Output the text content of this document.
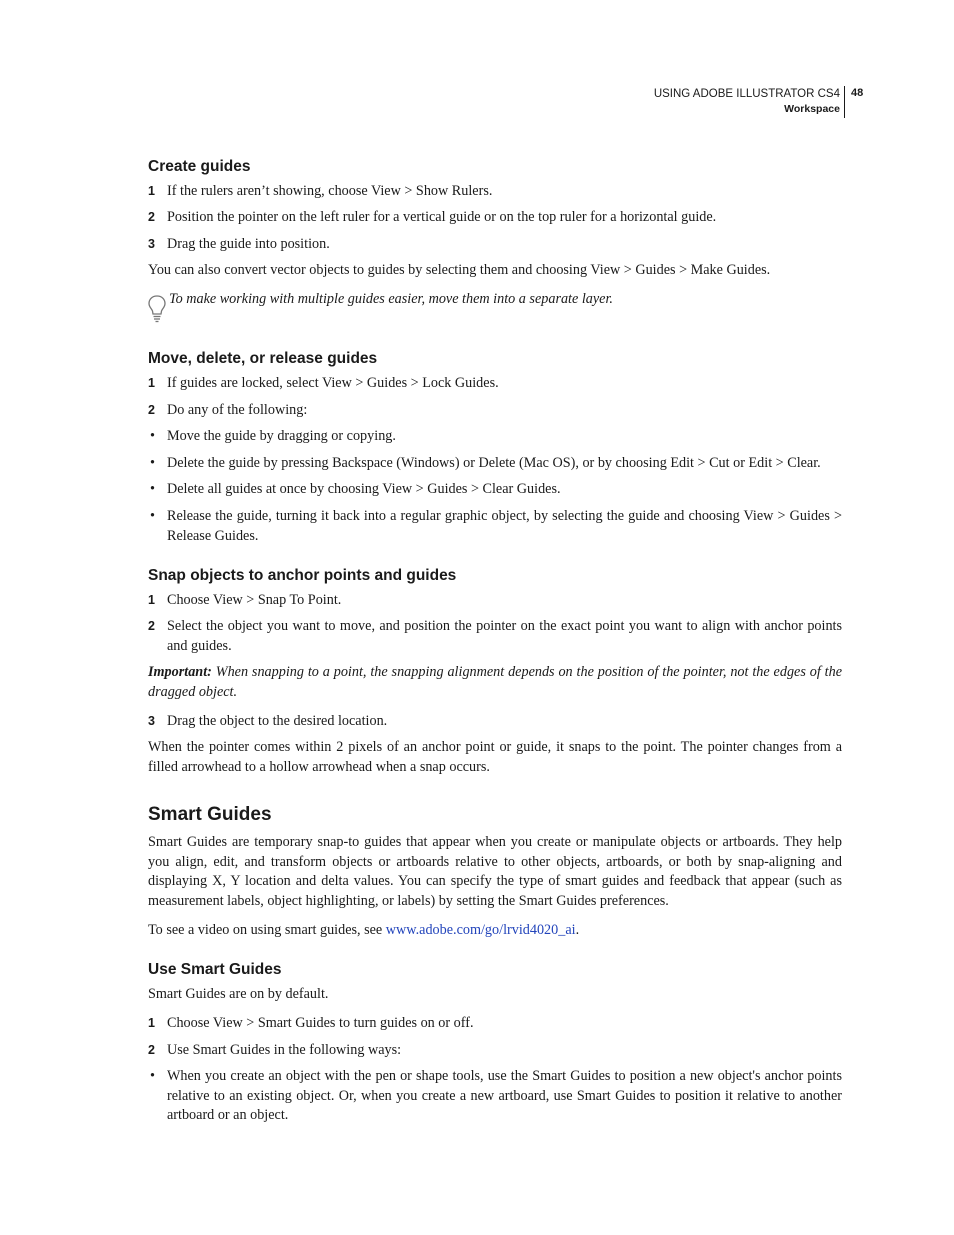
USING ADOBE ILLUSTRATOR CS4
Workspace
48
Create guides
1 If the rulers aren’t showing, choose View > Show Rulers.
2 Position the pointer on the left ruler for a vertical guide or on the top ruler for a horizontal guide.
3 Drag the guide into position.
You can also convert vector objects to guides by selecting them and choosing View > Guides > Make Guides.
To make working with multiple guides easier, move them into a separate layer.
Move, delete, or release guides
1 If guides are locked, select View > Guides > Lock Guides.
2 Do any of the following:
• Move the guide by dragging or copying.
• Delete the guide by pressing Backspace (Windows) or Delete (Mac OS), or by choosing Edit > Cut or Edit > Clear.
• Delete all guides at once by choosing View > Guides > Clear Guides.
• Release the guide, turning it back into a regular graphic object, by selecting the guide and choosing View > Guides > Release Guides.
Snap objects to anchor points and guides
1 Choose View > Snap To Point.
2 Select the object you want to move, and position the pointer on the exact point you want to align with anchor points and guides.
Important: When snapping to a point, the snapping alignment depends on the position of the pointer, not the edges of the dragged object.
3 Drag the object to the desired location.
When the pointer comes within 2 pixels of an anchor point or guide, it snaps to the point. The pointer changes from a filled arrowhead to a hollow arrowhead when a snap occurs.
Smart Guides
Smart Guides are temporary snap-to guides that appear when you create or manipulate objects or artboards. They help you align, edit, and transform objects or artboards relative to other objects, artboards, or both by snap-aligning and displaying X, Y location and delta values. You can specify the type of smart guides and feedback that appear (such as measurement labels, object highlighting, or labels) by setting the Smart Guides preferences.
To see a video on using smart guides, see www.adobe.com/go/lrvid4020_ai.
Use Smart Guides
Smart Guides are on by default.
1 Choose View > Smart Guides to turn guides on or off.
2 Use Smart Guides in the following ways:
• When you create an object with the pen or shape tools, use the Smart Guides to position a new object's anchor points relative to an existing object. Or, when you create a new artboard, use Smart Guides to position it relative to another artboard or an object.
